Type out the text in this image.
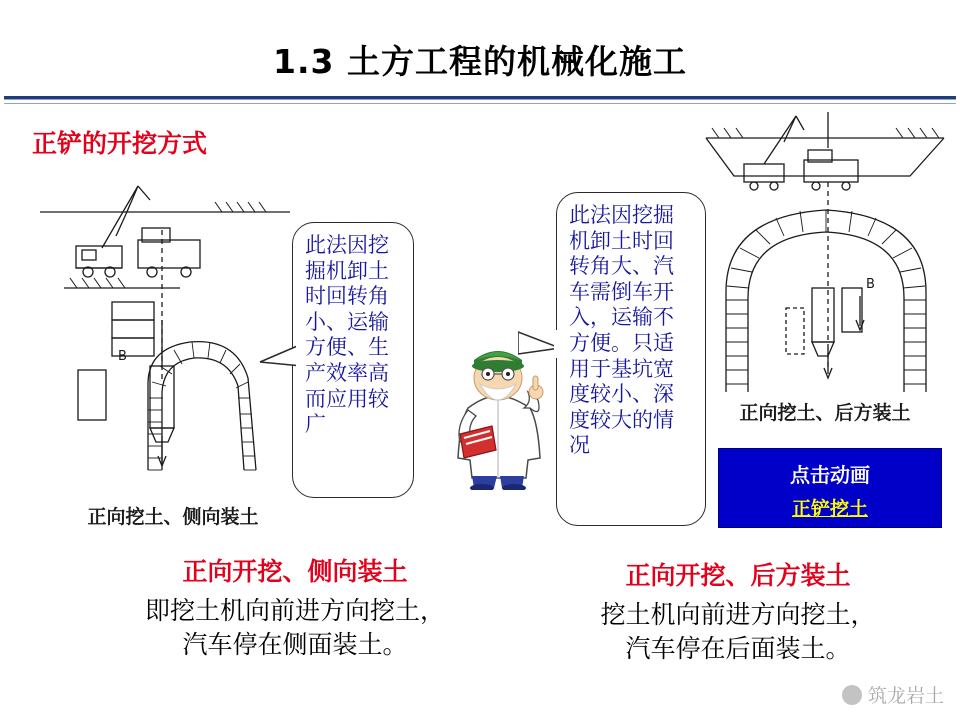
1.3 土方工程的机械化施工
正铲的开挖方式
B
正向挖土、侧向装土
B
正向挖土、后方装土
此法因挖掘机卸土时回转角小、运输方便、生产效率高而应用较广
此法因挖掘机卸土时回转角大、汽车需倒车开入，运输不方便。只适用于基坑宽度较小、深度较大的情况
点击动画
正铲挖土
正向开挖、侧向装土
即挖土机向前进方向挖土，
汽车停在侧面装土。
正向开挖、后方装土
挖土机向前进方向挖土，
汽车停在后面装土。
筑龙岩土
